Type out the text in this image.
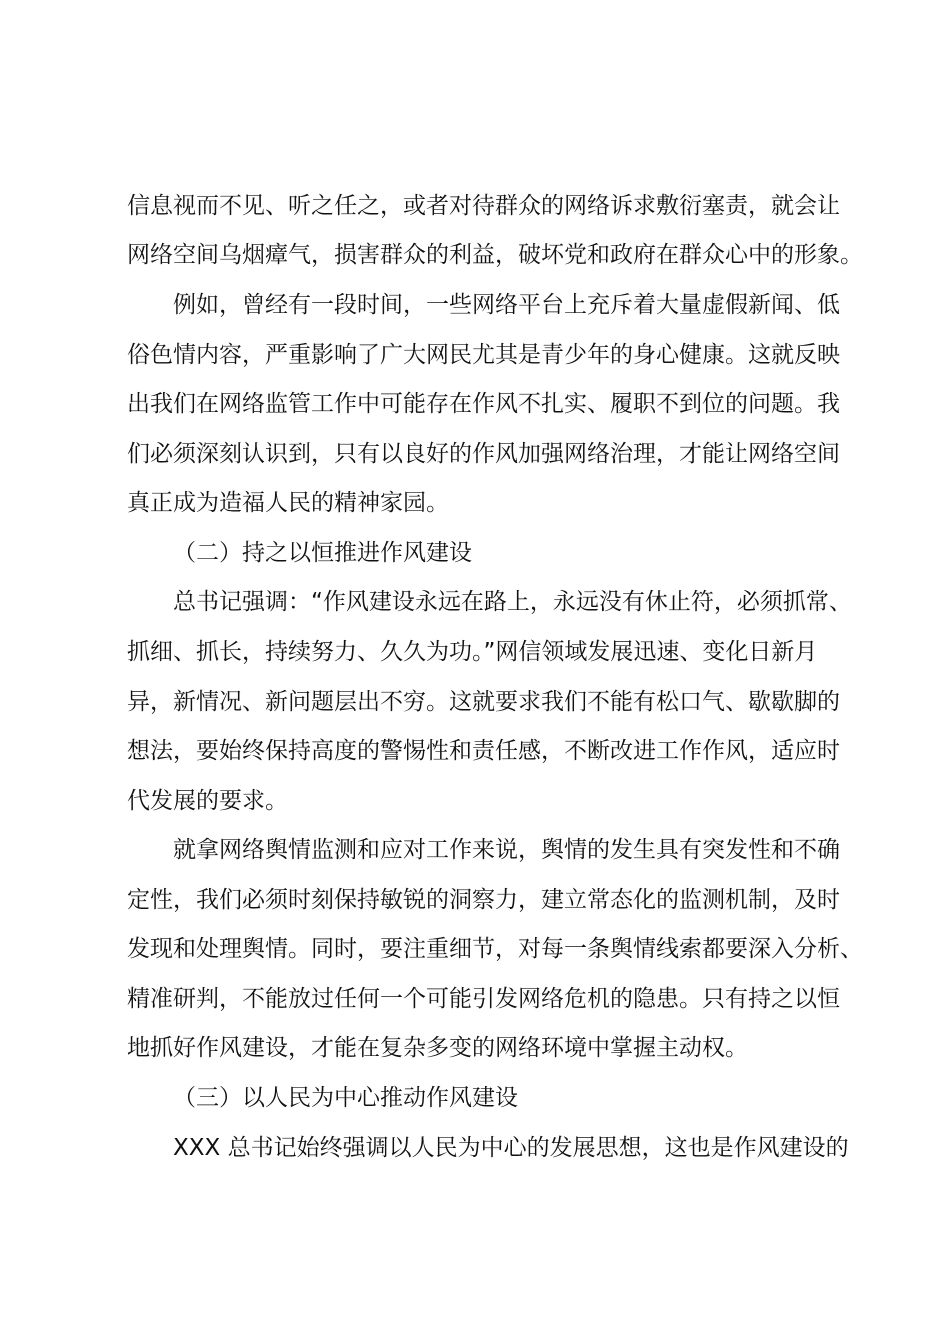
信息视而不见、听之任之，或者对待群众的网络诉求敷衍塞责，就会让
网络空间乌烟瘴气，损害群众的利益，破坏党和政府在群众心中的形象。
例如，曾经有一段时间，一些网络平台上充斥着大量虚假新闻、低
俗色情内容，严重影响了广大网民尤其是青少年的身心健康。这就反映
出我们在网络监管工作中可能存在作风不扎实、履职不到位的问题。我
们必须深刻认识到，只有以良好的作风加强网络治理，才能让网络空间
真正成为造福人民的精神家园。
（二）持之以恒推进作风建设
总书记强调：“作风建设永远在路上，永远没有休止符，必须抓常、
抓细、抓长，持续努力、久久为功。”网信领域发展迅速、变化日新月
异，新情况、新问题层出不穷。这就要求我们不能有松口气、歇歇脚的
想法，要始终保持高度的警惕性和责任感，不断改进工作作风，适应时
代发展的要求。
就拿网络舆情监测和应对工作来说，舆情的发生具有突发性和不确
定性，我们必须时刻保持敏锐的洞察力，建立常态化的监测机制，及时
发现和处理舆情。同时，要注重细节，对每一条舆情线索都要深入分析、
精准研判，不能放过任何一个可能引发网络危机的隐患。只有持之以恒
地抓好作风建设，才能在复杂多变的网络环境中掌握主动权。
（三）以人民为中心推动作风建设
XXX 总书记始终强调以人民为中心的发展思想，这也是作风建设的
